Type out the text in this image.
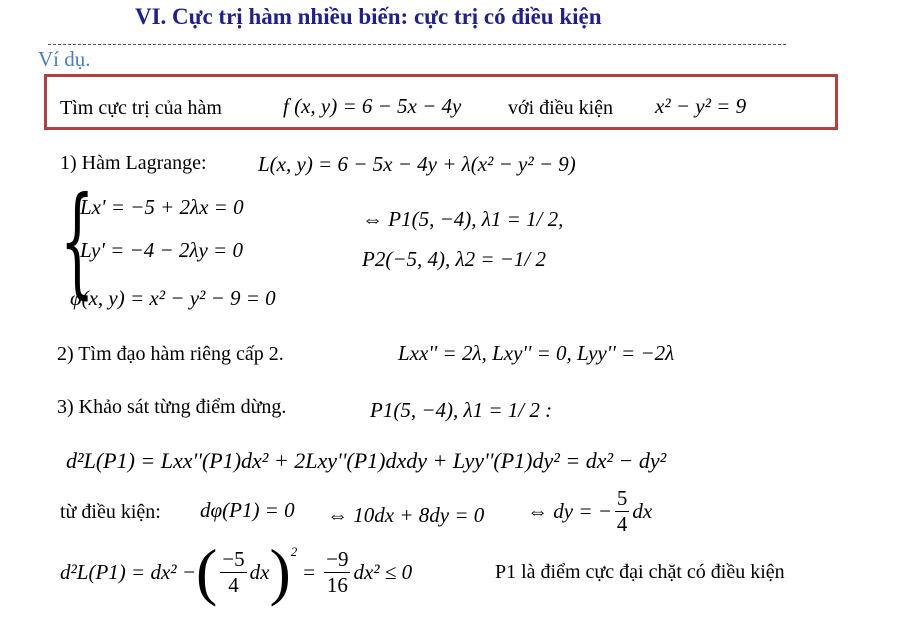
VI. Cực trị hàm nhiều biến: cực trị có điều kiện
Ví dụ.
Tìm cực trị của hàm	f (x, y) = 6 − 5x − 4y với điều kiện x² − y² = 9
1) Hàm Lagrange: L(x, y) = 6 − 5x − 4y + λ(x² − y² − 9)
{
Lx' = −5 + 2λx = 0
Ly' = −4 − 2λy = 0
φ(x, y) = x² − y² − 9 = 0
⇔ P1(5, −4), λ1 = 1/ 2,
P2(−5, 4), λ2 = −1/ 2
2) Tìm đạo hàm riêng cấp 2.	Lxx'' = 2λ, Lxy'' = 0, Lyy'' = −2λ
3) Khảo sát từng điểm dừng.	P1(5, −4), λ1 = 1/ 2 :
d²L(P1) = Lxx''(P1)dx² + 2Lxy''(P1)dxdy + Lyy''(P1)dy² = dx² − dy²
từ điều kiện: dφ(P1) = 0 ⇔ 10dx + 8dy = 0 ⇔ dy = − $\frac{5}{4}$ dx
d²L(P1) = dx² − ( $\frac{-5}{4}$ dx ) 2
= $\frac{-9}{16} dx^2 \le 0$	P1 là điểm cực đại chặt có điều kiện
